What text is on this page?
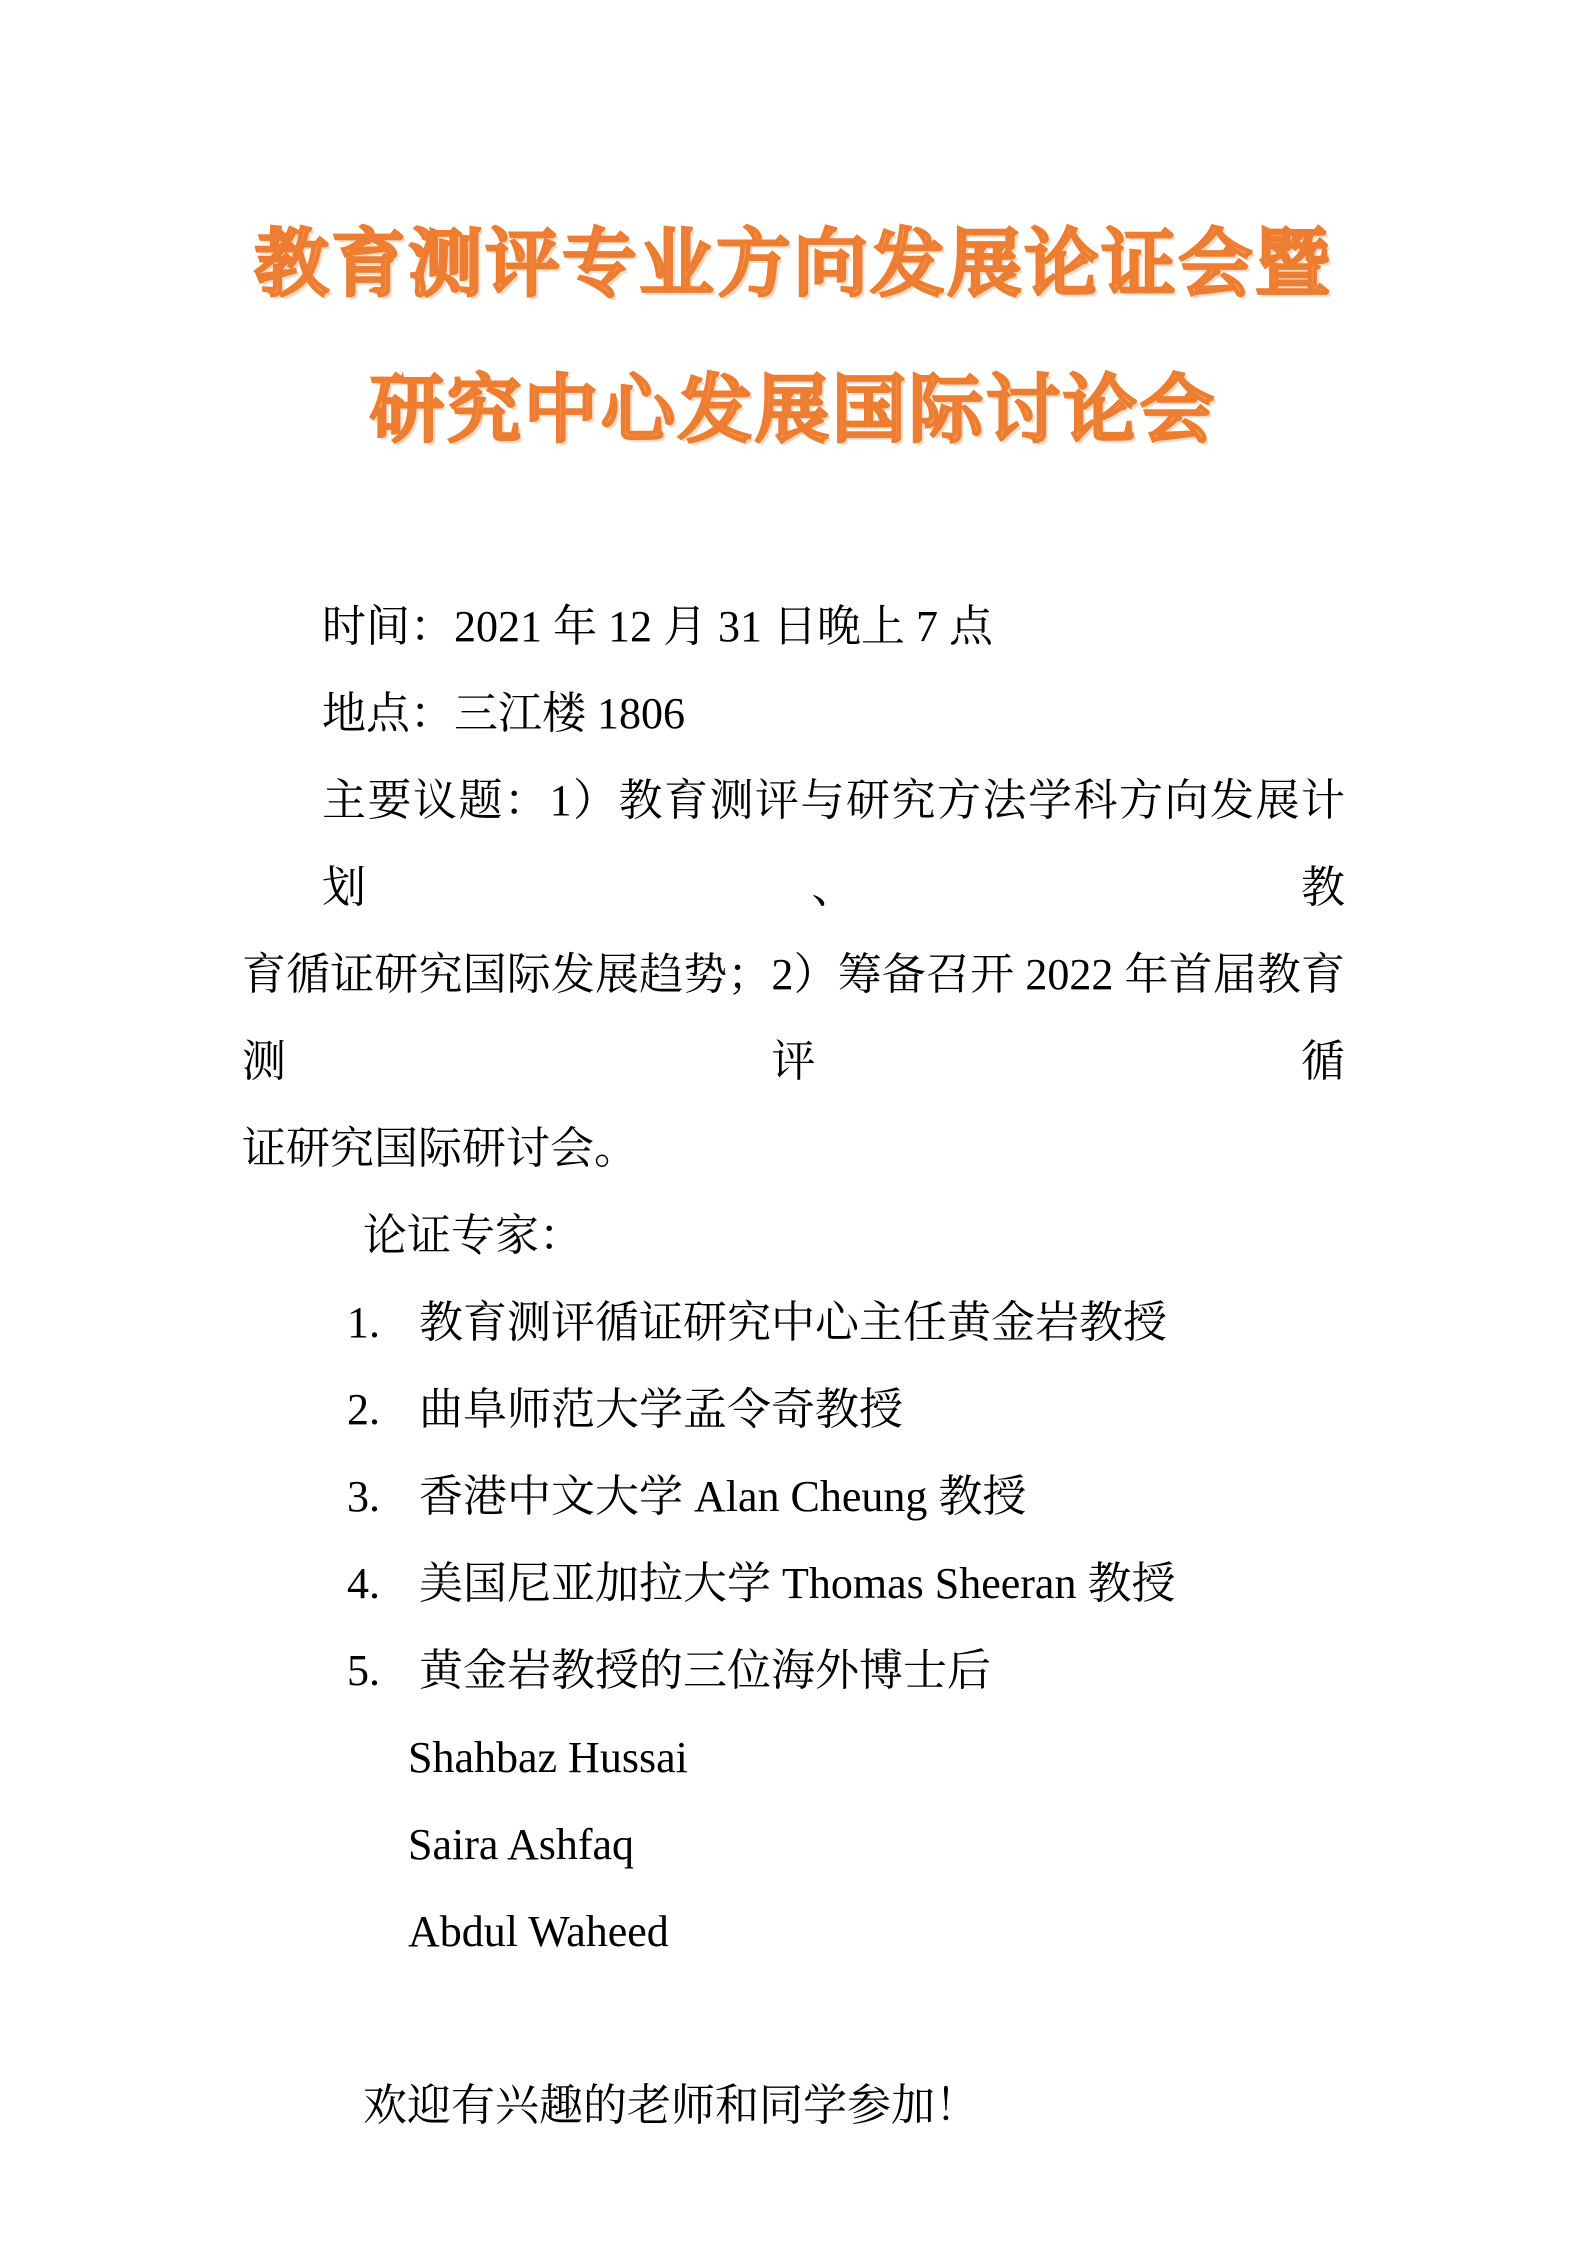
教育测评专业方向发展论证会暨
研究中心发展国际讨论会
时间：2021 年 12 月 31 日晚上 7 点
地点：三江楼 1806
主要议题：1）教育测评与研究方法学科方向发展计划、教
育循证研究国际发展趋势；2）筹备召开 2022 年首届教育测评循
证研究国际研讨会。
论证专家：
1. 教育测评循证研究中心主任黄金岩教授
2. 曲阜师范大学孟令奇教授
3. 香港中文大学 Alan Cheung 教授
4. 美国尼亚加拉大学 Thomas Sheeran 教授
5. 黄金岩教授的三位海外博士后
Shahbaz Hussai
Saira Ashfaq
Abdul Waheed
欢迎有兴趣的老师和同学参加！
